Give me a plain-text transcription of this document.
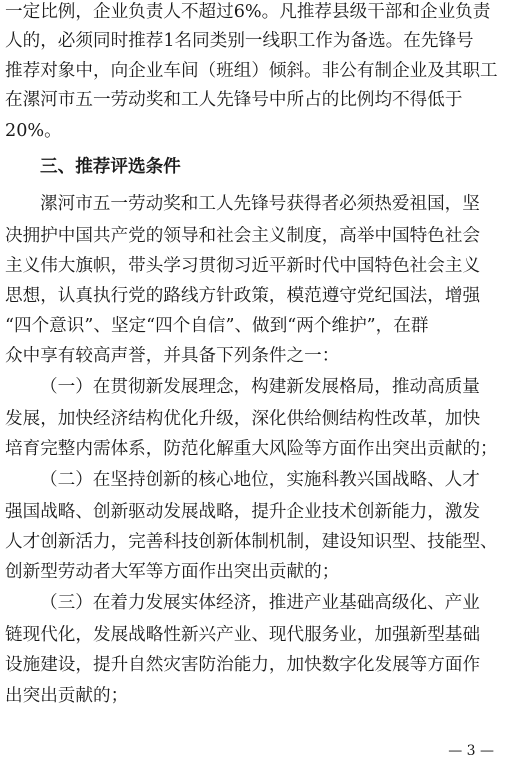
一定比例，企业负责人不超过6%。凡推荐县级干部和企业负责
人的，必须同时推荐1名同类别一线职工作为备选。在先锋号
推荐对象中，向企业车间（班组）倾斜。非公有制企业及其职工
在漯河市五一劳动奖和工人先锋号中所占的比例均不得低于
20%。
三、推荐评选条件
漯河市五一劳动奖和工人先锋号获得者必须热爱祖国，坚
决拥护中国共产党的领导和社会主义制度，高举中国特色社会
主义伟大旗帜，带头学习贯彻习近平新时代中国特色社会主义
思想，认真执行党的路线方针政策，模范遵守党纪国法，增强
“四个意识”、坚定“四个自信”、做到“两个维护”，在群
众中享有较高声誉，并具备下列条件之一：
（一）在贯彻新发展理念，构建新发展格局，推动高质量
发展，加快经济结构优化升级，深化供给侧结构性改革，加快
培育完整内需体系，防范化解重大风险等方面作出突出贡献的；
（二）在坚持创新的核心地位，实施科教兴国战略、人才
强国战略、创新驱动发展战略，提升企业技术创新能力，激发
人才创新活力，完善科技创新体制机制，建设知识型、技能型、
创新型劳动者大军等方面作出突出贡献的；
（三）在着力发展实体经济，推进产业基础高级化、产业
链现代化，发展战略性新兴产业、现代服务业，加强新型基础
设施建设，提升自然灾害防治能力，加快数字化发展等方面作
出突出贡献的；
— 3 —
